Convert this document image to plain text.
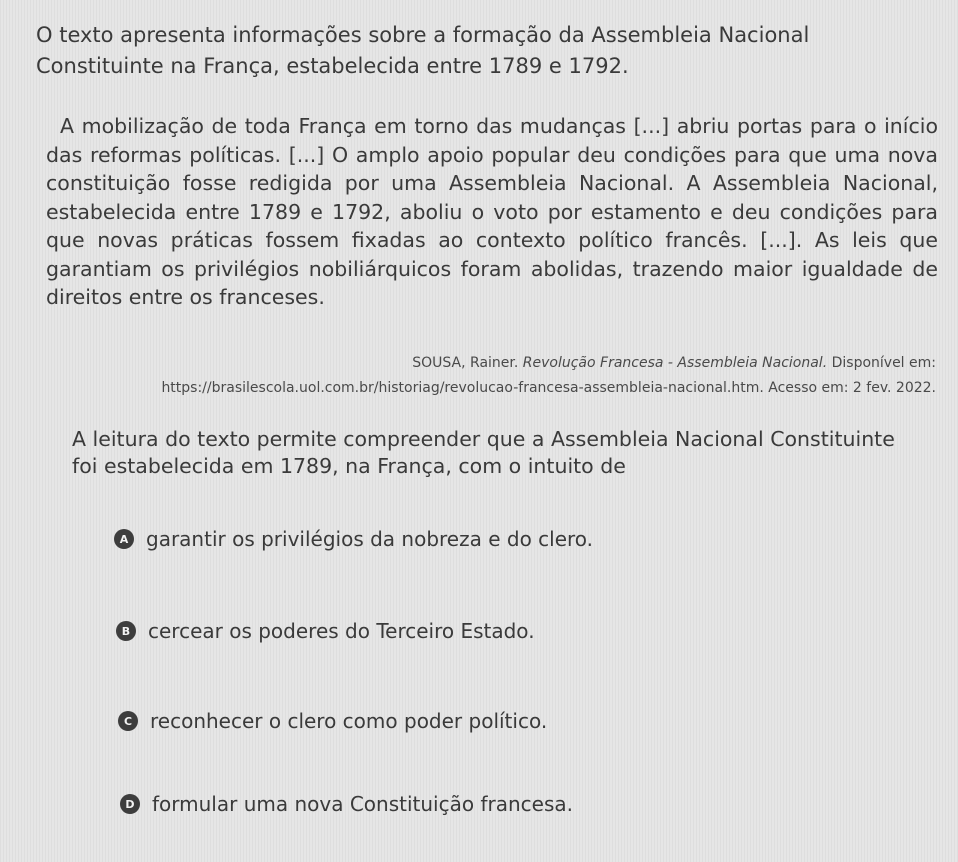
O texto apresenta informações sobre a formação da Assembleia Nacional Constituinte na França, estabelecida entre 1789 e 1792.
A mobilização de toda França em torno das mudanças [...] abriu portas para o início das reformas políticas. [...] O amplo apoio popular deu condições para que uma nova constituição fosse redigida por uma Assembleia Nacional. A Assembleia Nacional, estabelecida entre 1789 e 1792, aboliu o voto por estamento e deu condições para que novas práticas fossem fixadas ao contexto político francês. [...]. As leis que garantiam os privilégios nobiliárquicos foram abolidas, trazendo maior igualdade de direitos entre os franceses.
SOUSA, Rainer. Revolução Francesa - Assembleia Nacional. Disponível em:
https://brasilescola.uol.com.br/historiag/revolucao-francesa-assembleia-nacional.htm. Acesso em: 2 fev. 2022.
A leitura do texto permite compreender que a Assembleia Nacional Constituinte foi estabelecida em 1789, na França, com o intuito de
A garantir os privilégios da nobreza e do clero.
B cercear os poderes do Terceiro Estado.
C reconhecer o clero como poder político.
D formular uma nova Constituição francesa.
